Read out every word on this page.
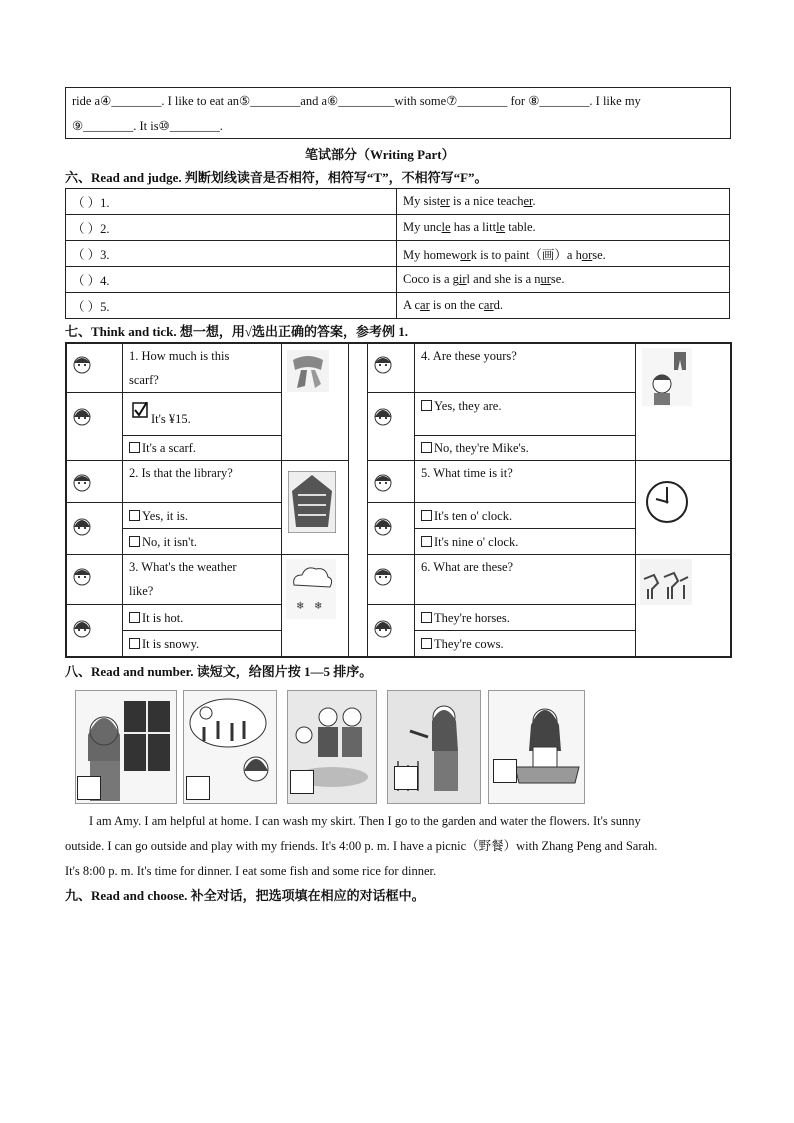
ride a④________. I like to eat an⑤________and a⑥_________with some⑦________ for ⑧________. I like my
⑨________. It is⑩________.
笔试部分（Writing Part）
六、Read and judge. 判断划线读音是否相符，相符写“T”，不相符写“F”。
（ ）1.	My sister is a nice teacher.
（ ）2.	My uncle has a little table.
（ ）3.	My homework is to paint（画）a horse.
（ ）4.	Coco is a girl and she is a nurse.
（ ）5.	A car is on the card.
七、Think and tick. 想一想，用√选出正确的答案，参考例 1.
1. How much is this
scarf?
It's ¥15.
It's a scarf.
2. Is that the library?
Yes, it is.
No, it isn't.
3. What's the weather
like?
It is hot.
It is snowy.
❄ ❄
4. Are these yours?
Yes, they are.
No, they're Mike's.
5. What time is it?
It's ten o' clock.
It's nine o' clock.
6. What are these?
They're horses.
They're cows.
八、Read and number. 读短文，给图片按 1—5 排序。
I am Amy. I am helpful at home. I can wash my skirt. Then I go to the garden and water the flowers. It's sunny
outside. I can go outside and play with my friends. It's 4:00 p. m. I have a picnic（野餐）with Zhang Peng and Sarah.
It's 8:00 p. m. It's time for dinner. I eat some fish and some rice for dinner.
九、Read and choose. 补全对话，把选项填在相应的对话框中。
